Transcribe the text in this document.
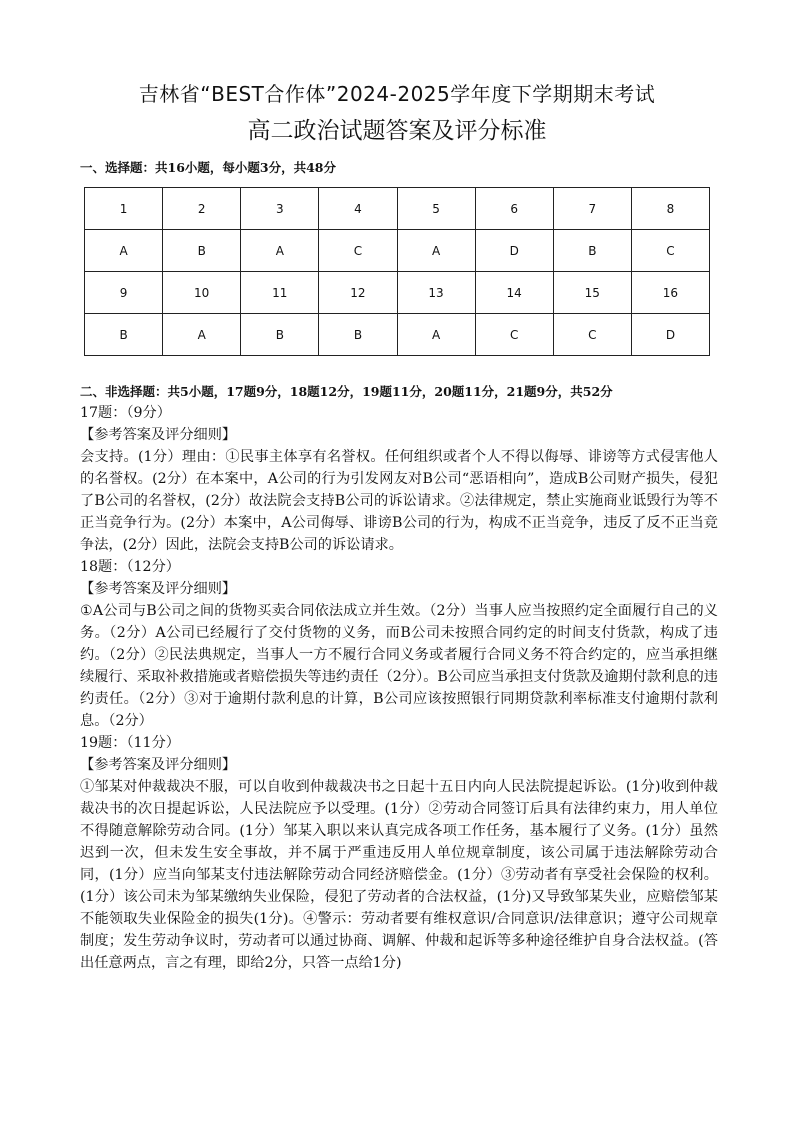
吉林省“BEST合作体”2024-2025学年度下学期期末考试
高二政治试题答案及评分标准
一、选择题：共16小题，每小题3分，共48分
1	2	3	4	5	6	7	8
A	B	A	C	A	D	B	C
9	10	11	12	13	14	15	16
B	A	B	B	A	C	C	D
二、非选择题：共5小题，17题9分，18题12分，19题11分，20题11分，21题9分，共52分

17题：（9分）

【参考答案及评分细则】

会支持。(1分）理由：①民事主体享有名誉权。任何组织或者个人不得以侮辱、诽谤等方式侵害他人的名誉权。(2分）在本案中，A公司的行为引发网友对B公司“恶语相向”，造成B公司财产损失，侵犯了B公司的名誉权，(2分）故法院会支持B公司的诉讼请求。②法律规定，禁止实施商业诋毁行为等不正当竞争行为。(2分）本案中，A公司侮辱、诽谤B公司的行为，构成不正当竞争，违反了反不正当竞争法，(2分）因此，法院会支持B公司的诉讼请求。

18题：（12分）

【参考答案及评分细则】

①A公司与B公司之间的货物买卖合同依法成立并生效。（2分）当事人应当按照约定全面履行自己的义务。（2分）A公司已经履行了交付货物的义务，而B公司未按照合同约定的时间支付货款，构成了违约。（2分）②民法典规定，当事人一方不履行合同义务或者履行合同义务不符合约定的，应当承担继续履行、采取补救措施或者赔偿损失等违约责任（2分）。B公司应当承担支付货款及逾期付款利息的违约责任。（2分）③对于逾期付款利息的计算，B公司应该按照银行同期贷款利率标准支付逾期付款利息。（2分）

19题：（11分）

【参考答案及评分细则】

①邹某对仲裁裁决不服，可以自收到仲裁裁决书之日起十五日内向人民法院提起诉讼。(1分)收到仲裁裁决书的次日提起诉讼，人民法院应予以受理。(1分）②劳动合同签订后具有法律约束力，用人单位不得随意解除劳动合同。(1分）邹某入职以来认真完成各项工作任务，基本履行了义务。(1分）虽然迟到一次，但未发生安全事故，并不属于严重违反用人单位规章制度，该公司属于违法解除劳动合同，(1分）应当向邹某支付违法解除劳动合同经济赔偿金。(1分）③劳动者有享受社会保险的权利。(1分）该公司未为邹某缴纳失业保险，侵犯了劳动者的合法权益，(1分)又导致邹某失业，应赔偿邹某不能领取失业保险金的损失(1分)。④警示：劳动者要有维权意识/合同意识/法律意识；遵守公司规章制度；发生劳动争议时，劳动者可以通过协商、调解、仲裁和起诉等多种途径维护自身合法权益。(答出任意两点，言之有理，即给2分，只答一点给1分)
